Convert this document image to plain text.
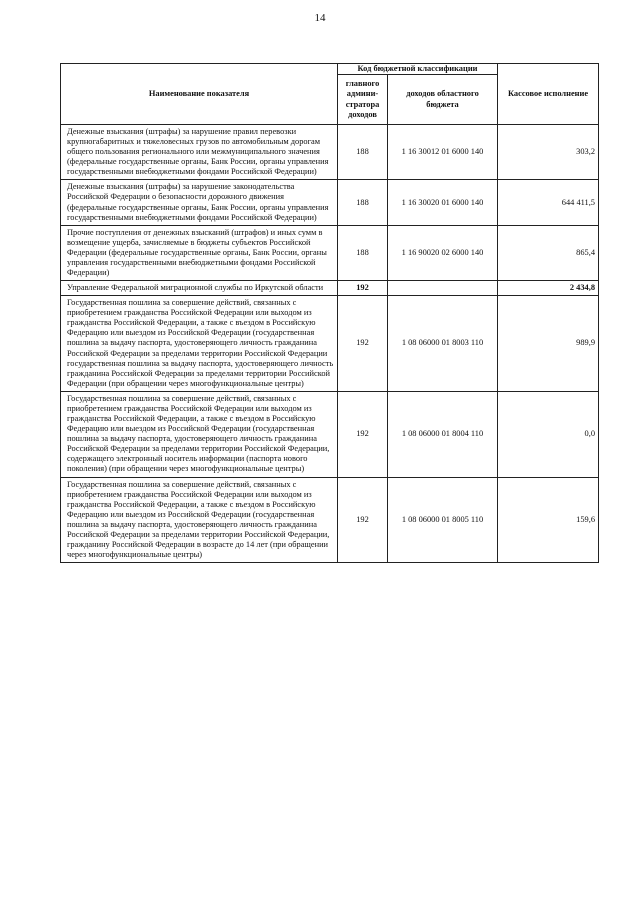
14
Наименование показателя	Код бюджетной классификации		Кассовое исполнение
	главного админи-стратора доходов	доходов областного бюджета	
Денежные взыскания (штрафы) за нарушение правил перевозки крупногабаритных и тяжеловесных грузов по автомобильным дорогам общего пользования регионального или межмуниципального значения (федеральные государственные органы, Банк России, органы управления государственными внебюджетными фондами Российской Федерации)	188	1 16 30012 01 6000 140	303,2
Денежные взыскания (штрафы) за нарушение законодательства Российской Федерации о безопасности дорожного движения (федеральные государственные органы, Банк России, органы управления государственными внебюджетными фондами Российской Федерации)	188	1 16 30020 01 6000 140	644 411,5
Прочие поступления от денежных взысканий (штрафов) и иных сумм в возмещение ущерба, зачисляемые в бюджеты субъектов Российской Федерации (федеральные государственные органы, Банк России, органы управления государственными внебюджетными фондами Российской Федерации)	188	1 16 90020 02 6000 140	865,4
Управление Федеральной миграционной службы по Иркутской области	192		2 434,8
Государственная пошлина за совершение действий, связанных с приобретением гражданства Российской Федерации или выходом из гражданства Российской Федерации, а также с въездом в Российскую Федерацию или выездом из Российской Федерации (государственная пошлина за выдачу паспорта, удостоверяющего личность гражданина Российской Федерации за пределами территории Российской Федерации государственная пошлина за выдачу паспорта, удостоверяющего личность гражданина Российской Федерации за пределами территории Российской Федерации (при обращении через многофункциональные центры)	192	1 08 06000 01 8003 110	989,9
Государственная пошлина за совершение действий, связанных с приобретением гражданства Российской Федерации или выходом из гражданства Российской Федерации, а также с въездом в Российскую Федерацию или выездом из Российской Федерации (государственная пошлина за выдачу паспорта, удостоверяющего личность гражданина Российской Федерации за пределами территории Российской Федерации, содержащего электронный носитель информации (паспорта нового поколения) (при обращении через многофункциональные центры)	192	1 08 06000 01 8004 110	0,0
Государственная пошлина за совершение действий, связанных с приобретением гражданства Российской Федерации или выходом из гражданства Российской Федерации, а также с въездом в Российскую Федерацию или выездом из Российской Федерации (государственная пошлина за выдачу паспорта, удостоверяющего личность гражданина Российской Федерации за пределами территории Российской Федерации, гражданину Российской Федерации в возрасте до 14 лет (при обращении через многофункциональные центры)	192	1 08 06000 01 8005 110	159,6
